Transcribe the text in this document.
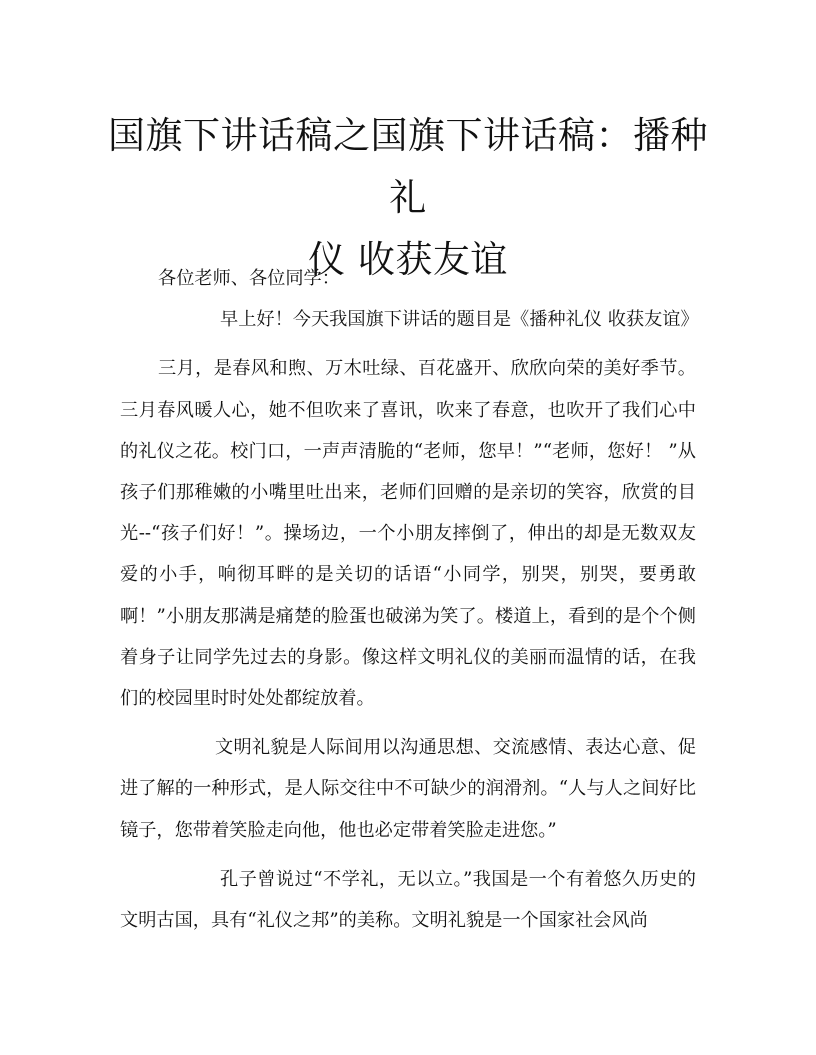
国旗下讲话稿之国旗下讲话稿：播种礼
仪 收获友谊

各位老师、各位同学：

早上好！今天我国旗下讲话的题目是《播种礼仪 收获友谊》

三月，是春风和煦、万木吐绿、百花盛开、欣欣向荣的美好季节。三月春风暖人心，她不但吹来了喜讯，吹来了春意，也吹开了我们心中的礼仪之花。校门口，一声声清脆的“老师，您早！”“老师，您好！ ”从孩子们那稚嫩的小嘴里吐出来，老师们回赠的是亲切的笑容，欣赏的目光--“孩子们好！”。操场边，一个小朋友摔倒了，伸出的却是无数双友爱的小手，响彻耳畔的是关切的话语“小同学，别哭，别哭，要勇敢啊！”小朋友那满是痛楚的脸蛋也破涕为笑了。楼道上，看到的是个个侧着身子让同学先过去的身影。像这样文明礼仪的美丽而温情的话，在我们的校园里时时处处都绽放着。

文明礼貌是人际间用以沟通思想、交流感情、表达心意、促进了解的一种形式，是人际交往中不可缺少的润滑剂。“人与人之间好比镜子，您带着笑脸走向他，他也必定带着笑脸走进您。”

孔子曾说过“不学礼，无以立。”我国是一个有着悠久历史的文明古国，具有“礼仪之邦”的美称。文明礼貌是一个国家社会风尚
